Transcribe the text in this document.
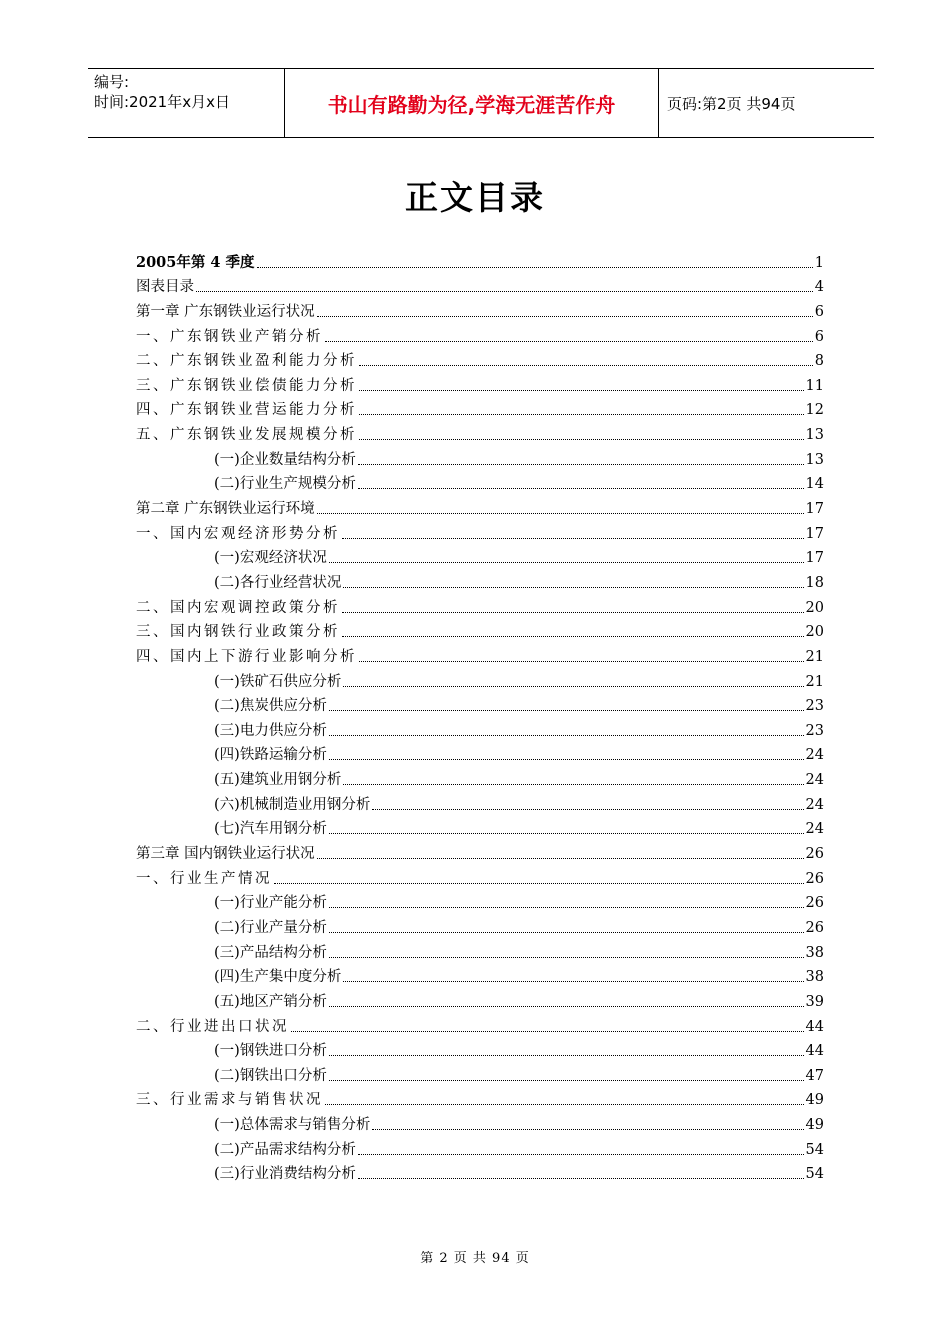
编号:
时间:2021年x月x日	书山有路勤为径,学海无涯苦作舟	页码:第2页 共94页
正文目录
2005年第 4 季度	1
图表目录	4
第一章 广东钢铁业运行状况	6
一、广东钢铁业产销分析	6
二、广东钢铁业盈利能力分析	8
三、广东钢铁业偿债能力分析	11
四、广东钢铁业营运能力分析	12
五、广东钢铁业发展规模分析	13
(一)企业数量结构分析	13
(二)行业生产规模分析	14
第二章 广东钢铁业运行环境	17
一、国内宏观经济形势分析	17
(一)宏观经济状况	17
(二)各行业经营状况	18
二、国内宏观调控政策分析	20
三、国内钢铁行业政策分析	20
四、国内上下游行业影响分析	21
(一)铁矿石供应分析	21
(二)焦炭供应分析	23
(三)电力供应分析	23
(四)铁路运输分析	24
(五)建筑业用钢分析	24
(六)机械制造业用钢分析	24
(七)汽车用钢分析	24
第三章 国内钢铁业运行状况	26
一、行业生产情况	26
(一)行业产能分析	26
(二)行业产量分析	26
(三)产品结构分析	38
(四)生产集中度分析	38
(五)地区产销分析	39
二、行业进出口状况	44
(一)钢铁进口分析	44
(二)钢铁出口分析	47
三、行业需求与销售状况	49
(一)总体需求与销售分析	49
(二)产品需求结构分析	54
(三)行业消费结构分析	54
第 2 页 共 94 页
